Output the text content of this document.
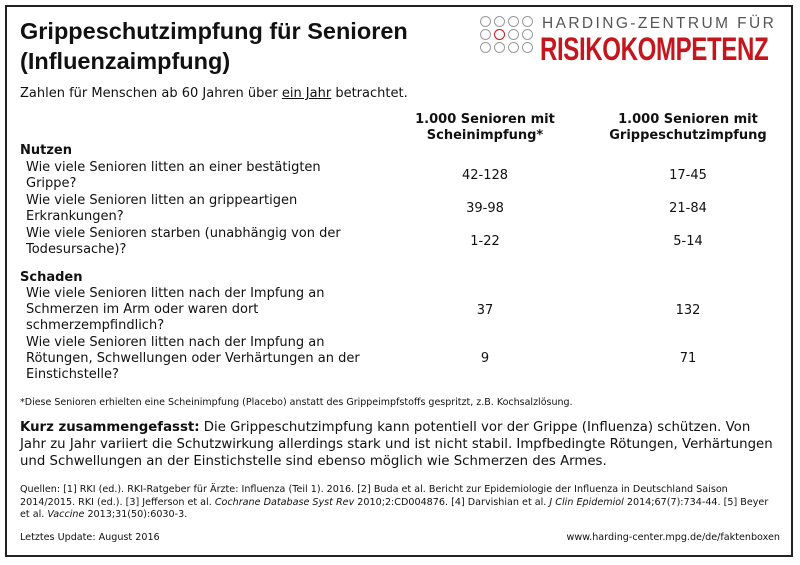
Grippeschutzimpfung für Senioren
(Influenzaimpfung)
HARDING-ZENTRUM FÜR
RISIKOKOMPETENZ
Zahlen für Menschen ab 60 Jahren über ein Jahr betrachtet.
1.000 Senioren mit
Scheinimpfung*
1.000 Senioren mit
Grippeschutzimpfung
Nutzen
Wie viele Senioren litten an einer bestätigten
Grippe?
42-128	17-45
Wie viele Senioren litten an grippeartigen
Erkrankungen?
39-98	21-84
Wie viele Senioren starben (unabhängig von der
Todesursache)?
1-22	5-14
Schaden
Wie viele Senioren litten nach der Impfung an
Schmerzen im Arm oder waren dort
schmerzempfindlich?
37	132
Wie viele Senioren litten nach der Impfung an
Rötungen, Schwellungen oder Verhärtungen an der
Einstichstelle?
9	71
*Diese Senioren erhielten eine Scheinimpfung (Placebo) anstatt des Grippeimpfstoffs gespritzt, z.B. Kochsalzlösung.
Kurz zusammengefasst: Die Grippeschutzimpfung kann potentiell vor der Grippe (Influenza) schützen. Von Jahr zu Jahr variiert die Schutzwirkung allerdings stark und ist nicht stabil. Impfbedingte Rötungen, Verhärtungen und Schwellungen an der Einstichstelle sind ebenso möglich wie Schmerzen des Armes.
Quellen: [1] RKI (ed.). RKI-Ratgeber für Ärzte: Influenza (Teil 1). 2016. [2] Buda et al. Bericht zur Epidemiologie der Influenza in Deutschland Saison 2014/2015. RKI (ed.). [3] Jefferson et al. Cochrane Database Syst Rev 2010;2:CD004876. [4] Darvishian et al. J Clin Epidemiol 2014;67(7):734-44. [5] Beyer et al. Vaccine 2013;31(50):6030-3.
Letztes Update: August 2016	www.harding-center.mpg.de/de/faktenboxen
